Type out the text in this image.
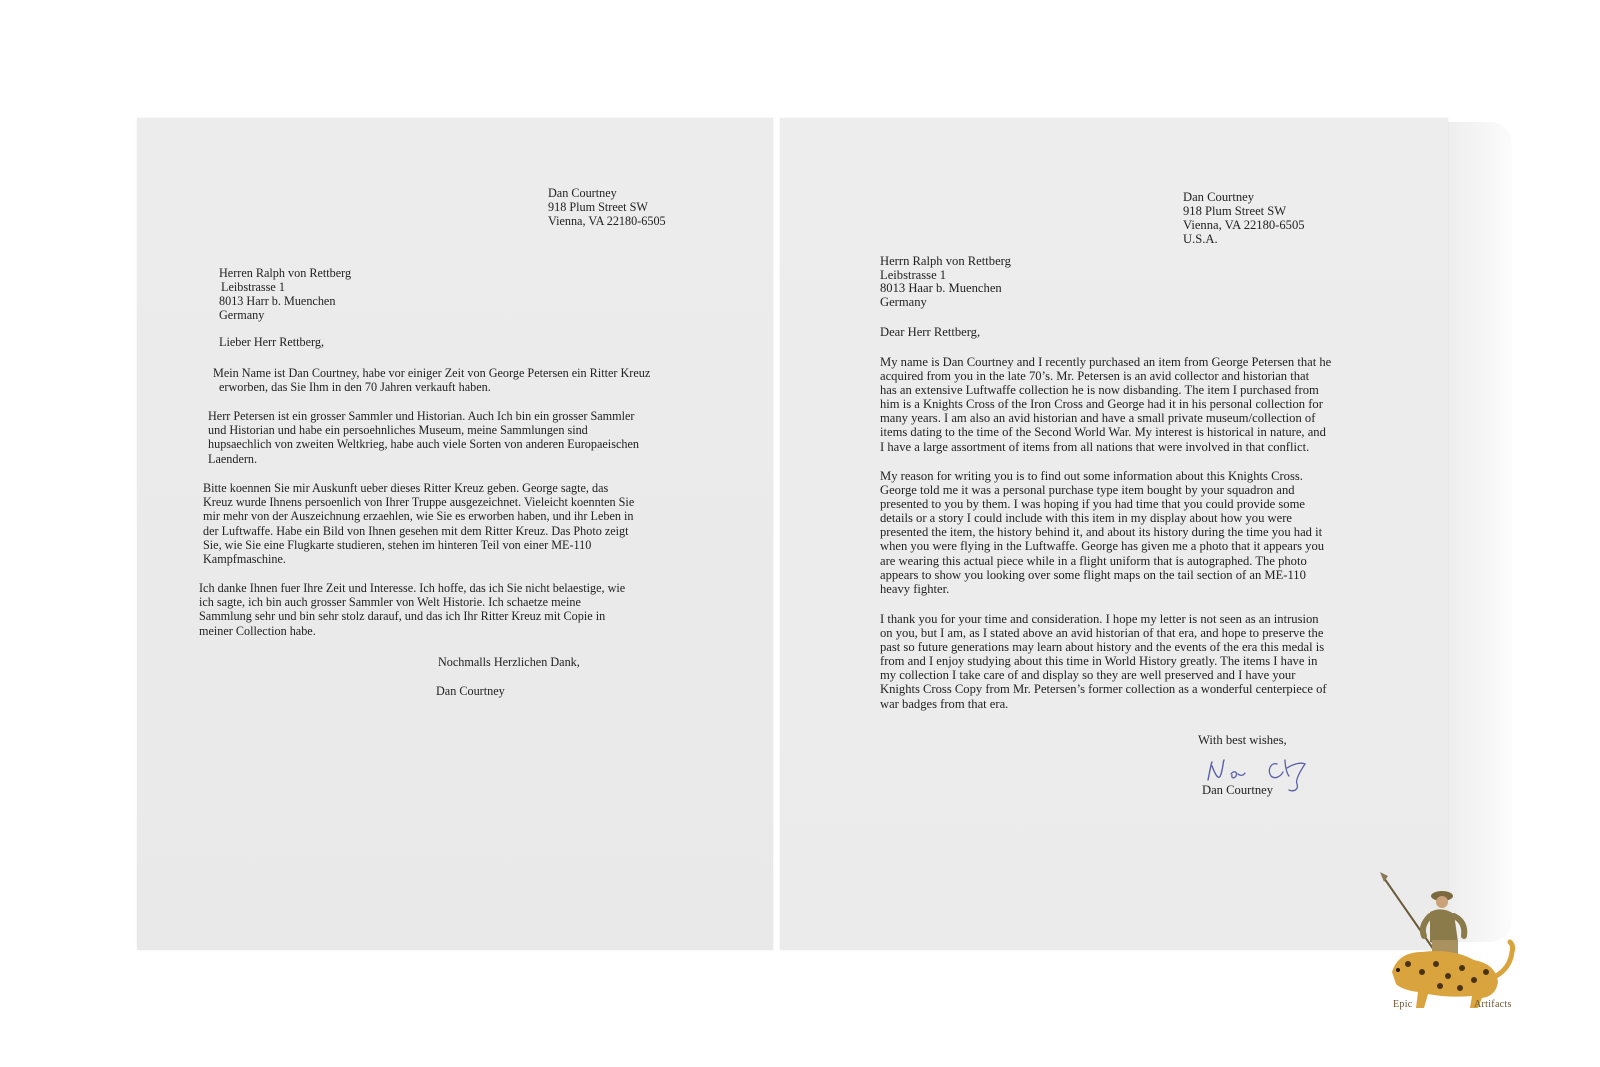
Dan Courtney
918 Plum Street SW
Vienna, VA 22180-6505
Herren Ralph von Rettberg
Leibstrasse 1
8013 Harr b. Muenchen
Germany
Lieber Herr Rettberg,
Mein Name ist Dan Courtney, habe vor einiger Zeit von George Petersen ein Ritter Kreuz
erworben, das Sie Ihm in den 70 Jahren verkauft haben.
Herr Petersen ist ein grosser Sammler und Historian. Auch Ich bin ein grosser Sammler
und Historian und habe ein persoehnliches Museum, meine Sammlungen sind
hupsaechlich von zweiten Weltkrieg, habe auch viele Sorten von anderen Europaeischen
Laendern.
Bitte koennen Sie mir Auskunft ueber dieses Ritter Kreuz geben. George sagte, das
Kreuz wurde Ihnens persoenlich von Ihrer Truppe ausgezeichnet. Vieleicht koennten Sie
mir mehr von der Auszeichnung erzaehlen, wie Sie es erworben haben, und ihr Leben in
der Luftwaffe. Habe ein Bild von Ihnen gesehen mit dem Ritter Kreuz. Das Photo zeigt
Sie, wie Sie eine Flugkarte studieren, stehen im hinteren Teil von einer ME-110
Kampfmaschine.
Ich danke Ihnen fuer Ihre Zeit und Interesse. Ich hoffe, das ich Sie nicht belaestige, wie
ich sagte, ich bin auch grosser Sammler von Welt Historie. Ich schaetze meine
Sammlung sehr und bin sehr stolz darauf, und das ich Ihr Ritter Kreuz mit Copie in
meiner Collection habe.
Nochmalls Herzlichen Dank,
Dan Courtney
Dan Courtney
918 Plum Street SW
Vienna, VA 22180-6505
U.S.A.
Herrn Ralph von Rettberg
Leibstrasse 1
8013 Haar b. Muenchen
Germany
Dear Herr Rettberg,
My name is Dan Courtney and I recently purchased an item from George Petersen that he
acquired from you in the late 70’s. Mr. Petersen is an avid collector and historian that
has an extensive Luftwaffe collection he is now disbanding. The item I purchased from
him is a Knights Cross of the Iron Cross and George had it in his personal collection for
many years. I am also an avid historian and have a small private museum/collection of
items dating to the time of the Second World War. My interest is historical in nature, and
I have a large assortment of items from all nations that were involved in that conflict.
My reason for writing you is to find out some information about this Knights Cross.
George told me it was a personal purchase type item bought by your squadron and
presented to you by them. I was hoping if you had time that you could provide some
details or a story I could include with this item in my display about how you were
presented the item, the history behind it, and about its history during the time you had it
when you were flying in the Luftwaffe. George has given me a photo that it appears you
are wearing this actual piece while in a flight uniform that is autographed. The photo
appears to show you looking over some flight maps on the tail section of an ME-110
heavy fighter.
I thank you for your time and consideration. I hope my letter is not seen as an intrusion
on you, but I am, as I stated above an avid historian of that era, and hope to preserve the
past so future generations may learn about history and the events of the era this medal is
from and I enjoy studying about this time in World History greatly. The items I have in
my collection I take care of and display so they are well preserved and I have your
Knights Cross Copy from Mr. Petersen’s former collection as a wonderful centerpiece of
war badges from that era.
With best wishes,
Dan Courtney
Epic	Artifacts
